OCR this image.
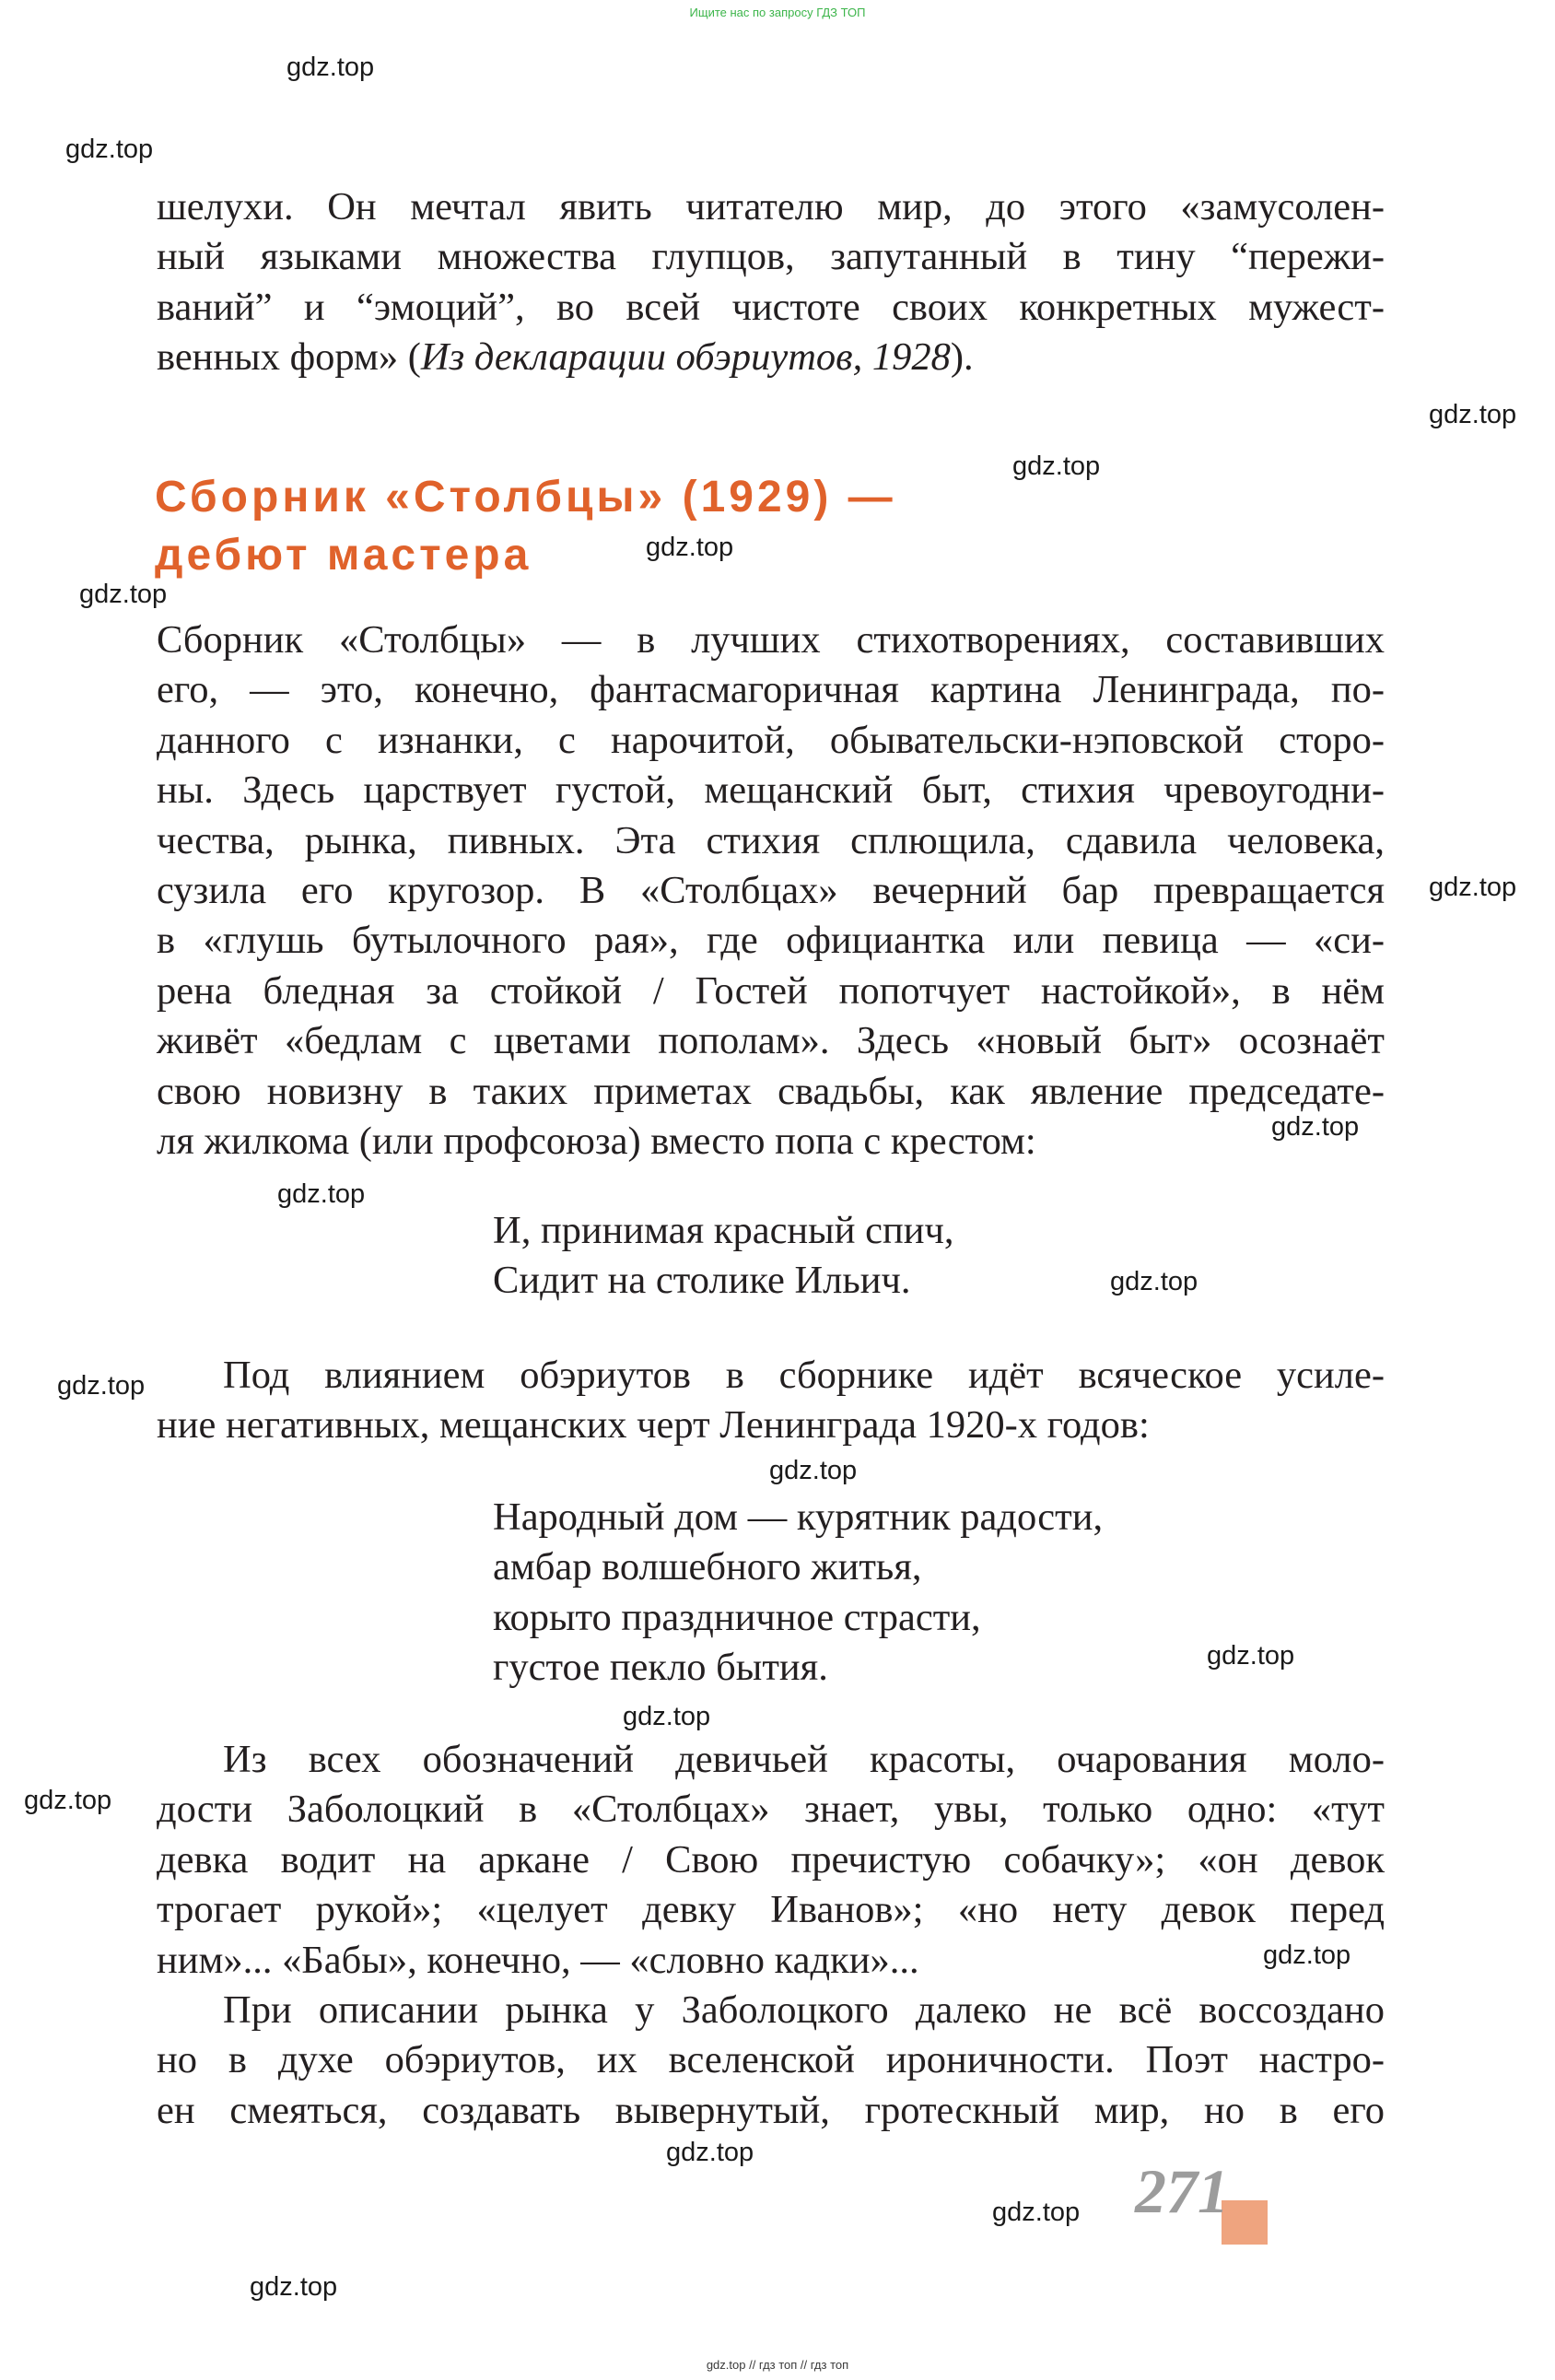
Ищите нас по запросу ГДЗ ТОП
gdz.top
gdz.top
gdz.top
gdz.top
gdz.top
gdz.top
gdz.top
gdz.top
gdz.top
gdz.top
gdz.top
gdz.top
gdz.top
gdz.top
gdz.top
gdz.top
gdz.top
gdz.top
gdz.top
шелухи. Он мечтал явить читателю мир, до этого «замусолен-
ный языками множества глупцов, запутанный в тину “пережи-
ваний” и “эмоций”, во всей чистоте своих конкретных мужест-
венных форм» (Из декларации обэриутов, 1928).
Сборник «Столбцы» (1929) —
дебют мастера
Сборник «Столбцы» — в лучших стихотворениях, составивших
его, — это, конечно, фантасмагоричная картина Ленинграда, по-
данного с изнанки, с нарочитой, обывательски-нэповской сторо-
ны. Здесь царствует густой, мещанский быт, стихия чревоугодни-
чества, рынка, пивных. Эта стихия сплющила, сдавила человека,
сузила его кругозор. В «Столбцах» вечерний бар превращается
в «глушь бутылочного рая», где официантка или певица — «си-
рена бледная за стойкой / Гостей попотчует настойкой», в нём
живёт «бедлам с цветами пополам». Здесь «новый быт» осознаёт
свою новизну в таких приметах свадьбы, как явление председате-
ля жилкома (или профсоюза) вместо попа с крестом:
И, принимая красный спич,
Сидит на столике Ильич.
Под влиянием обэриутов в сборнике идёт всяческое усиле-
ние негативных, мещанских черт Ленинграда 1920-х годов:
Народный дом — курятник радости,
амбар волшебного житья,
корыто праздничное страсти,
густое пекло бытия.
Из всех обозначений девичьей красоты, очарования моло-
дости Заболоцкий в «Столбцах» знает, увы, только одно: «тут
девка водит на аркане / Свою пречистую собачку»; «он девок
трогает рукой»; «целует девку Иванов»; «но нету девок перед
ним»... «Бабы», конечно, — «словно кадки»...
При описании рынка у Заболоцкого далеко не всё воссоздано
но в духе обэриутов, их вселенской ироничности. Поэт настро-
ен смеяться, создавать вывернутый, гротескный мир, но в его
271
gdz.top // гдз топ // гдз топ
